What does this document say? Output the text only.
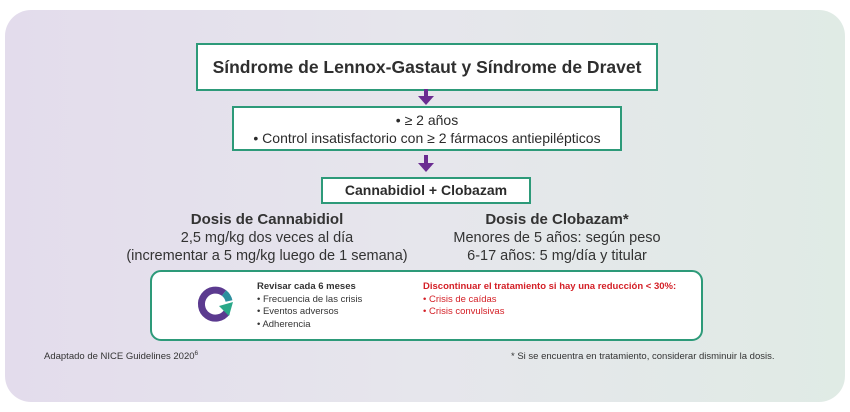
Síndrome de Lennox-Gastaut y Síndrome de Dravet
• ≥ 2 años
• Control insatisfactorio con ≥ 2 fármacos antiepilépticos
Cannabidiol + Clobazam
Dosis de Cannabidiol
2,5 mg/kg dos veces al día
(incrementar a 5 mg/kg luego de 1 semana)
Dosis de Clobazam*
Menores de 5 años: según peso
6-17 años: 5 mg/día y titular
Revisar cada 6 meses
• Frecuencia de las crisis
• Eventos adversos
• Adherencia
Discontinuar el tratamiento si hay una reducción < 30%:
• Crisis de caídas
• Crisis convulsivas
Adaptado de NICE Guidelines 2020$^6$	* Si se encuentra en tratamiento, considerar disminuir la dosis.
